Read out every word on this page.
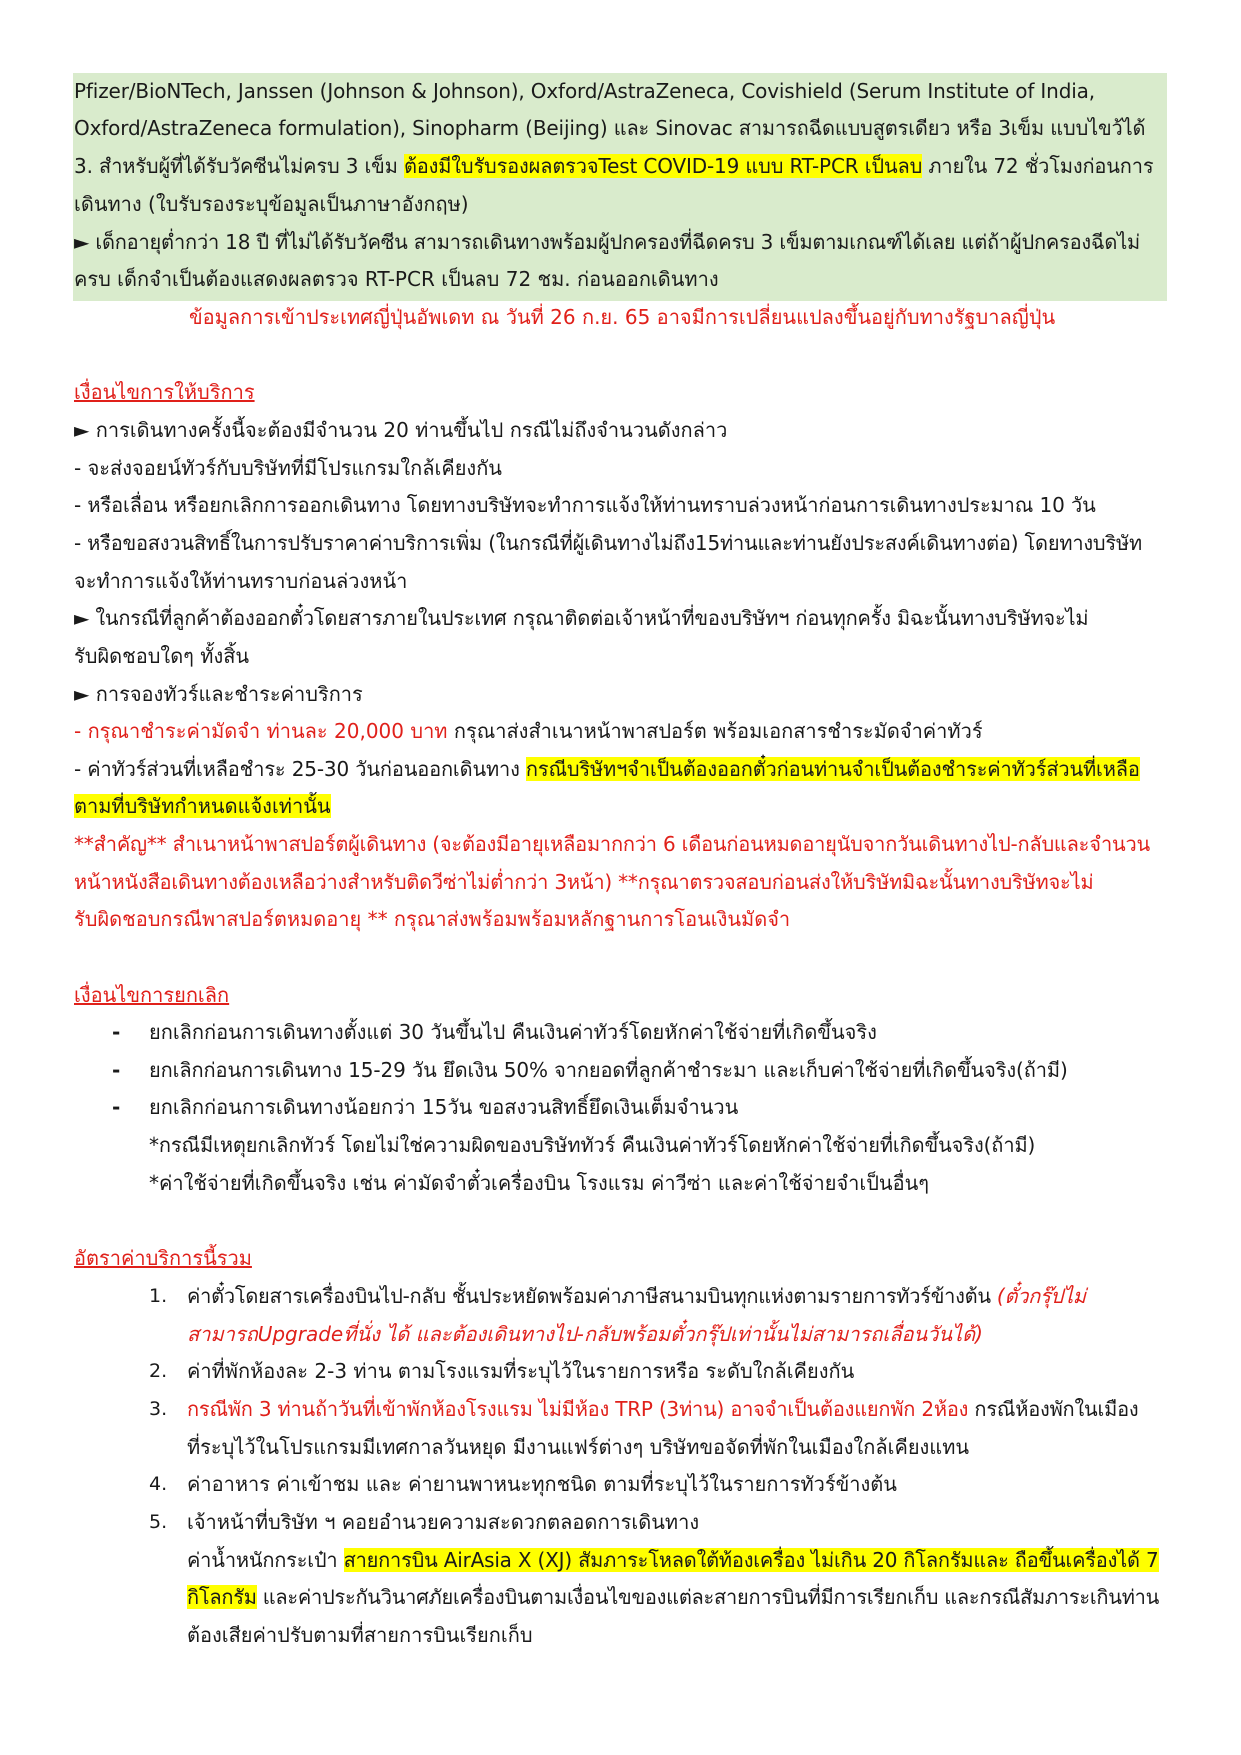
Pfizer/BioNTech, Janssen (Johnson & Johnson), Oxford/AstraZeneca, Covishield (Serum Institute of India,
Oxford/AstraZeneca formulation), Sinopharm (Beijing) และ Sinovac สามารถฉีดแบบสูตรเดียว หรือ 3เข็ม แบบไขว้ได้
3. สำหรับผู้ที่ได้รับวัคซีนไม่ครบ 3 เข็ม ต้องมีใบรับรองผลตรวจTest COVID-19 แบบ RT-PCR เป็นลบ ภายใน 72 ชั่วโมงก่อนการ
เดินทาง (ใบรับรองระบุข้อมูลเป็นภาษาอังกฤษ)
► เด็กอายุต่ำกว่า 18 ปี ที่ไม่ได้รับวัคซีน สามารถเดินทางพร้อมผู้ปกครองที่ฉีดครบ 3 เข็มตามเกณฑ์ได้เลย แต่ถ้าผู้ปกครองฉีดไม่
ครบ เด็กจำเป็นต้องแสดงผลตรวจ RT-PCR เป็นลบ 72 ชม. ก่อนออกเดินทาง
ข้อมูลการเข้าประเทศญี่ปุ่นอัพเดท ณ วันที่ 26 ก.ย. 65 อาจมีการเปลี่ยนแปลงขึ้นอยู่กับทางรัฐบาลญี่ปุ่น
เงื่อนไขการให้บริการ
► การเดินทางครั้งนี้จะต้องมีจำนวน 20 ท่านขึ้นไป กรณีไม่ถึงจำนวนดังกล่าว
- จะส่งจอยน์ทัวร์กับบริษัทที่มีโปรแกรมใกล้เคียงกัน
- หรือเลื่อน หรือยกเลิกการออกเดินทาง โดยทางบริษัทจะทำการแจ้งให้ท่านทราบล่วงหน้าก่อนการเดินทางประมาณ 10 วัน
- หรือขอสงวนสิทธิ์ในการปรับราคาค่าบริการเพิ่ม (ในกรณีที่ผู้เดินทางไม่ถึง15ท่านและท่านยังประสงค์เดินทางต่อ) โดยทางบริษัท
จะทำการแจ้งให้ท่านทราบก่อนล่วงหน้า
► ในกรณีที่ลูกค้าต้องออกตั๋วโดยสารภายในประเทศ กรุณาติดต่อเจ้าหน้าที่ของบริษัทฯ ก่อนทุกครั้ง มิฉะนั้นทางบริษัทจะไม่
รับผิดชอบใดๆ ทั้งสิ้น
► การจองทัวร์และชำระค่าบริการ
- กรุณาชำระค่ามัดจำ ท่านละ 20,000 บาท กรุณาส่งสำเนาหน้าพาสปอร์ต พร้อมเอกสารชำระมัดจำค่าทัวร์
- ค่าทัวร์ส่วนที่เหลือชำระ 25-30 วันก่อนออกเดินทาง กรณีบริษัทฯจำเป็นต้องออกตั๋วก่อนท่านจำเป็นต้องชำระค่าทัวร์ส่วนที่เหลือ
ตามที่บริษัทกำหนดแจ้งเท่านั้น
**สำคัญ** สำเนาหน้าพาสปอร์ตผู้เดินทาง (จะต้องมีอายุเหลือมากกว่า 6 เดือนก่อนหมดอายุนับจากวันเดินทางไป-กลับและจำนวน
หน้าหนังสือเดินทางต้องเหลือว่างสำหรับติดวีซ่าไม่ต่ำกว่า 3หน้า) **กรุณาตรวจสอบก่อนส่งให้บริษัทมิฉะนั้นทางบริษัทจะไม่
รับผิดชอบกรณีพาสปอร์ตหมดอายุ ** กรุณาส่งพร้อมพร้อมหลักฐานการโอนเงินมัดจำ
เงื่อนไขการยกเลิก
- ยกเลิกก่อนการเดินทางตั้งแต่ 30 วันขึ้นไป คืนเงินค่าทัวร์โดยหักค่าใช้จ่ายที่เกิดขึ้นจริง
- ยกเลิกก่อนการเดินทาง 15-29 วัน ยึดเงิน 50% จากยอดที่ลูกค้าชำระมา และเก็บค่าใช้จ่ายที่เกิดขึ้นจริง(ถ้ามี)
- ยกเลิกก่อนการเดินทางน้อยกว่า 15วัน ขอสงวนสิทธิ์ยึดเงินเต็มจำนวน
*กรณีมีเหตุยกเลิกทัวร์ โดยไม่ใช่ความผิดของบริษัททัวร์ คืนเงินค่าทัวร์โดยหักค่าใช้จ่ายที่เกิดขึ้นจริง(ถ้ามี)
*ค่าใช้จ่ายที่เกิดขึ้นจริง เช่น ค่ามัดจำตั๋วเครื่องบิน โรงแรม ค่าวีซ่า และค่าใช้จ่ายจำเป็นอื่นๆ
อัตราค่าบริการนี้รวม
1. ค่าตั๋วโดยสารเครื่องบินไป-กลับ ชั้นประหยัดพร้อมค่าภาษีสนามบินทุกแห่งตามรายการทัวร์ข้างต้น (ตั๋วกรุ๊ปไม่
สามารถUpgradeที่นั่ง ได้ และต้องเดินทางไป-กลับพร้อมตั๋วกรุ๊ปเท่านั้นไม่สามารถเลื่อนวันได้)
2. ค่าที่พักห้องละ 2-3 ท่าน ตามโรงแรมที่ระบุไว้ในรายการหรือ ระดับใกล้เคียงกัน
3. กรณีพัก 3 ท่านถ้าวันที่เข้าพักห้องโรงแรม ไม่มีห้อง TRP (3ท่าน) อาจจำเป็นต้องแยกพัก 2ห้อง กรณีห้องพักในเมือง
ที่ระบุไว้ในโปรแกรมมีเทศกาลวันหยุด มีงานแฟร์ต่างๆ บริษัทขอจัดที่พักในเมืองใกล้เคียงแทน
4. ค่าอาหาร ค่าเข้าชม และ ค่ายานพาหนะทุกชนิด ตามที่ระบุไว้ในรายการทัวร์ข้างต้น
5. เจ้าหน้าที่บริษัท ฯ คอยอำนวยความสะดวกตลอดการเดินทาง
ค่าน้ำหนักกระเป๋า สายการบิน AirAsia X (XJ) สัมภาระโหลดใต้ท้องเครื่อง ไม่เกิน 20 กิโลกรัมและ ถือขึ้นเครื่องได้ 7
กิโลกรัม และค่าประกันวินาศภัยเครื่องบินตามเงื่อนไขของแต่ละสายการบินที่มีการเรียกเก็บ และกรณีสัมภาระเกินท่าน
ต้องเสียค่าปรับตามที่สายการบินเรียกเก็บ
